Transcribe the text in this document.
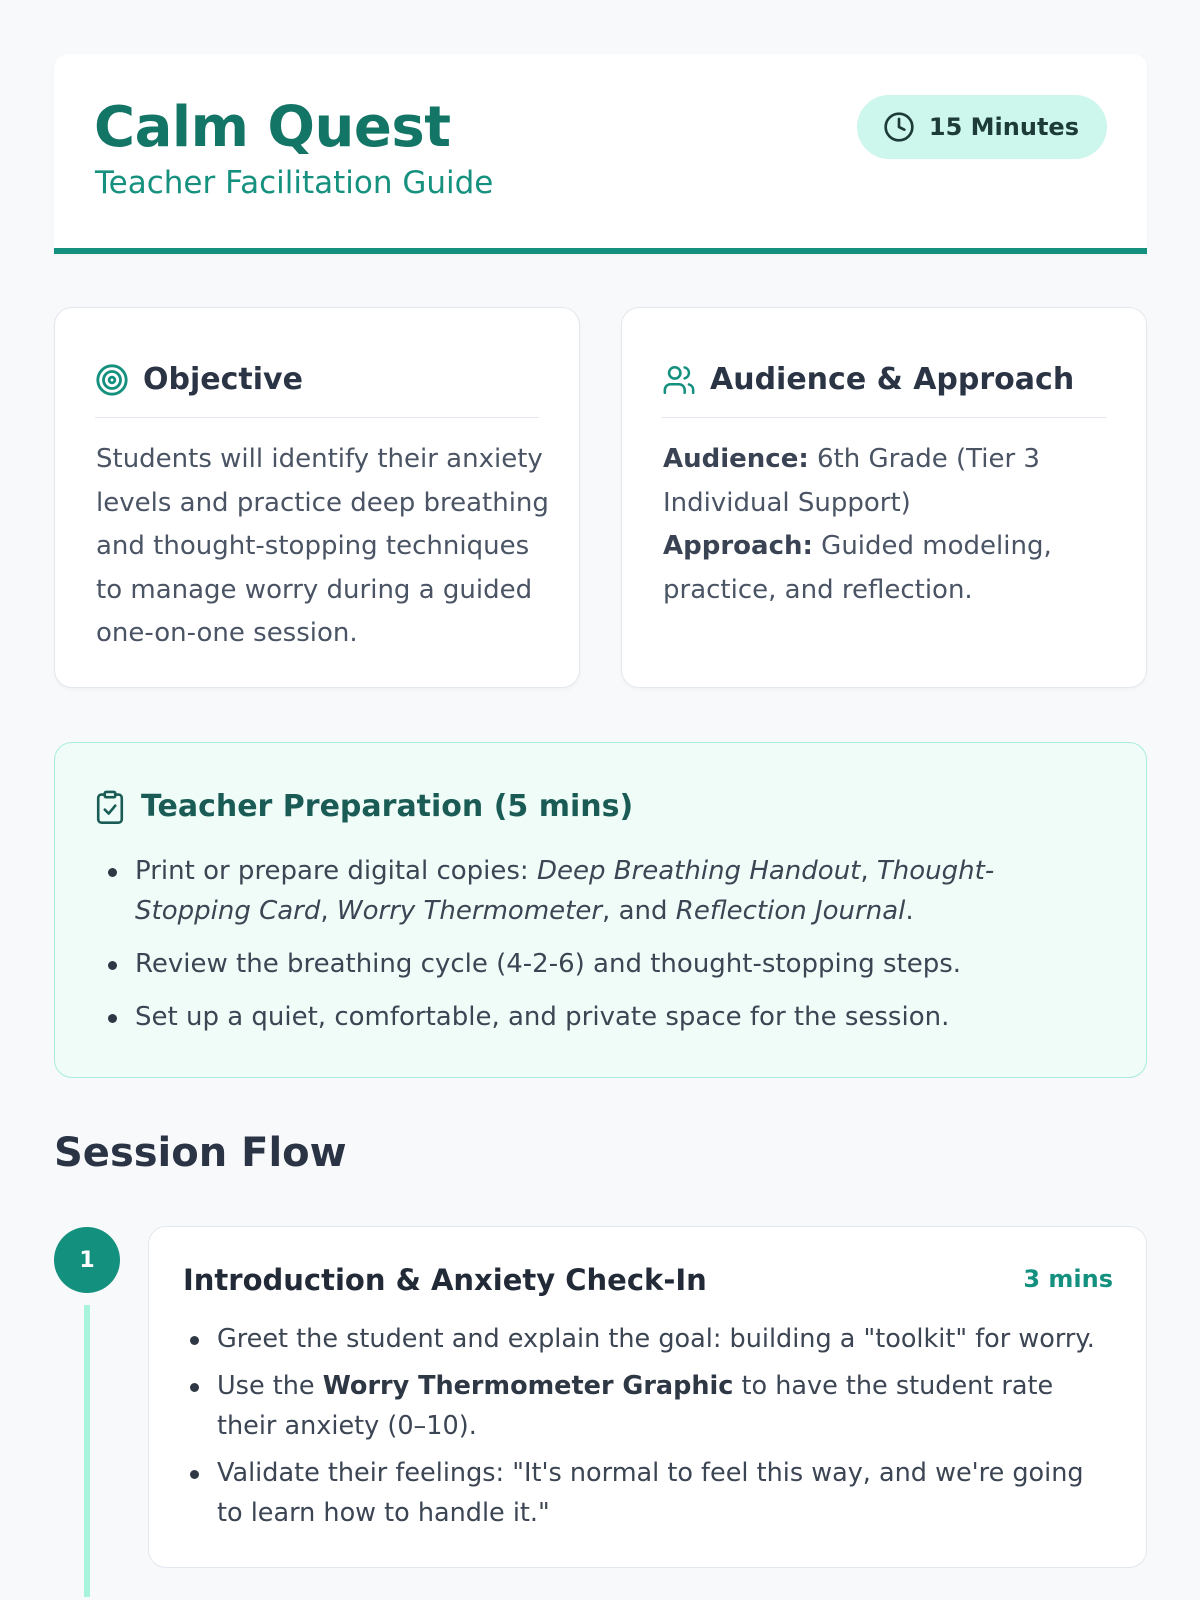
Calm Quest
Teacher Facilitation Guide
15 Minutes
Objective
Students will identify their anxiety levels and practice deep breathing and thought-stopping techniques to manage worry during a guided one-on-one session.
Audience & Approach
Audience: 6th Grade (Tier 3 Individual Support)
Approach: Guided modeling, practice, and reflection.
Teacher Preparation (5 mins)
Print or prepare digital copies: Deep Breathing Handout, Thought-Stopping Card, Worry Thermometer, and Reflection Journal.
Review the breathing cycle (4-2-6) and thought-stopping steps.
Set up a quiet, comfortable, and private space for the session.
Session Flow
1
Introduction & Anxiety Check-In	3 mins
Greet the student and explain the goal: building a "toolkit" for worry.
Use the Worry Thermometer Graphic to have the student rate their anxiety (0–10).
Validate their feelings: "It's normal to feel this way, and we're going to learn how to handle it."
